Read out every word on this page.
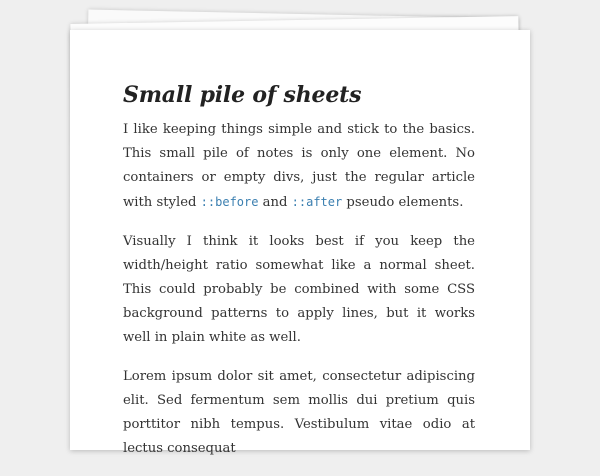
Small pile of sheets

I like keeping things simple and stick to the basics. This small pile of notes is only one element. No containers or empty divs, just the regular article with styled ::before and ::after pseudo elements.

Visually I think it looks best if you keep the width/height ratio somewhat like a normal sheet. This could probably be combined with some CSS background patterns to apply lines, but it works well in plain white as well.

Lorem ipsum dolor sit amet, consectetur adipiscing elit. Sed fermentum sem mollis dui pretium quis porttitor nibh tempus. Vestibulum vitae odio at lectus consequat
